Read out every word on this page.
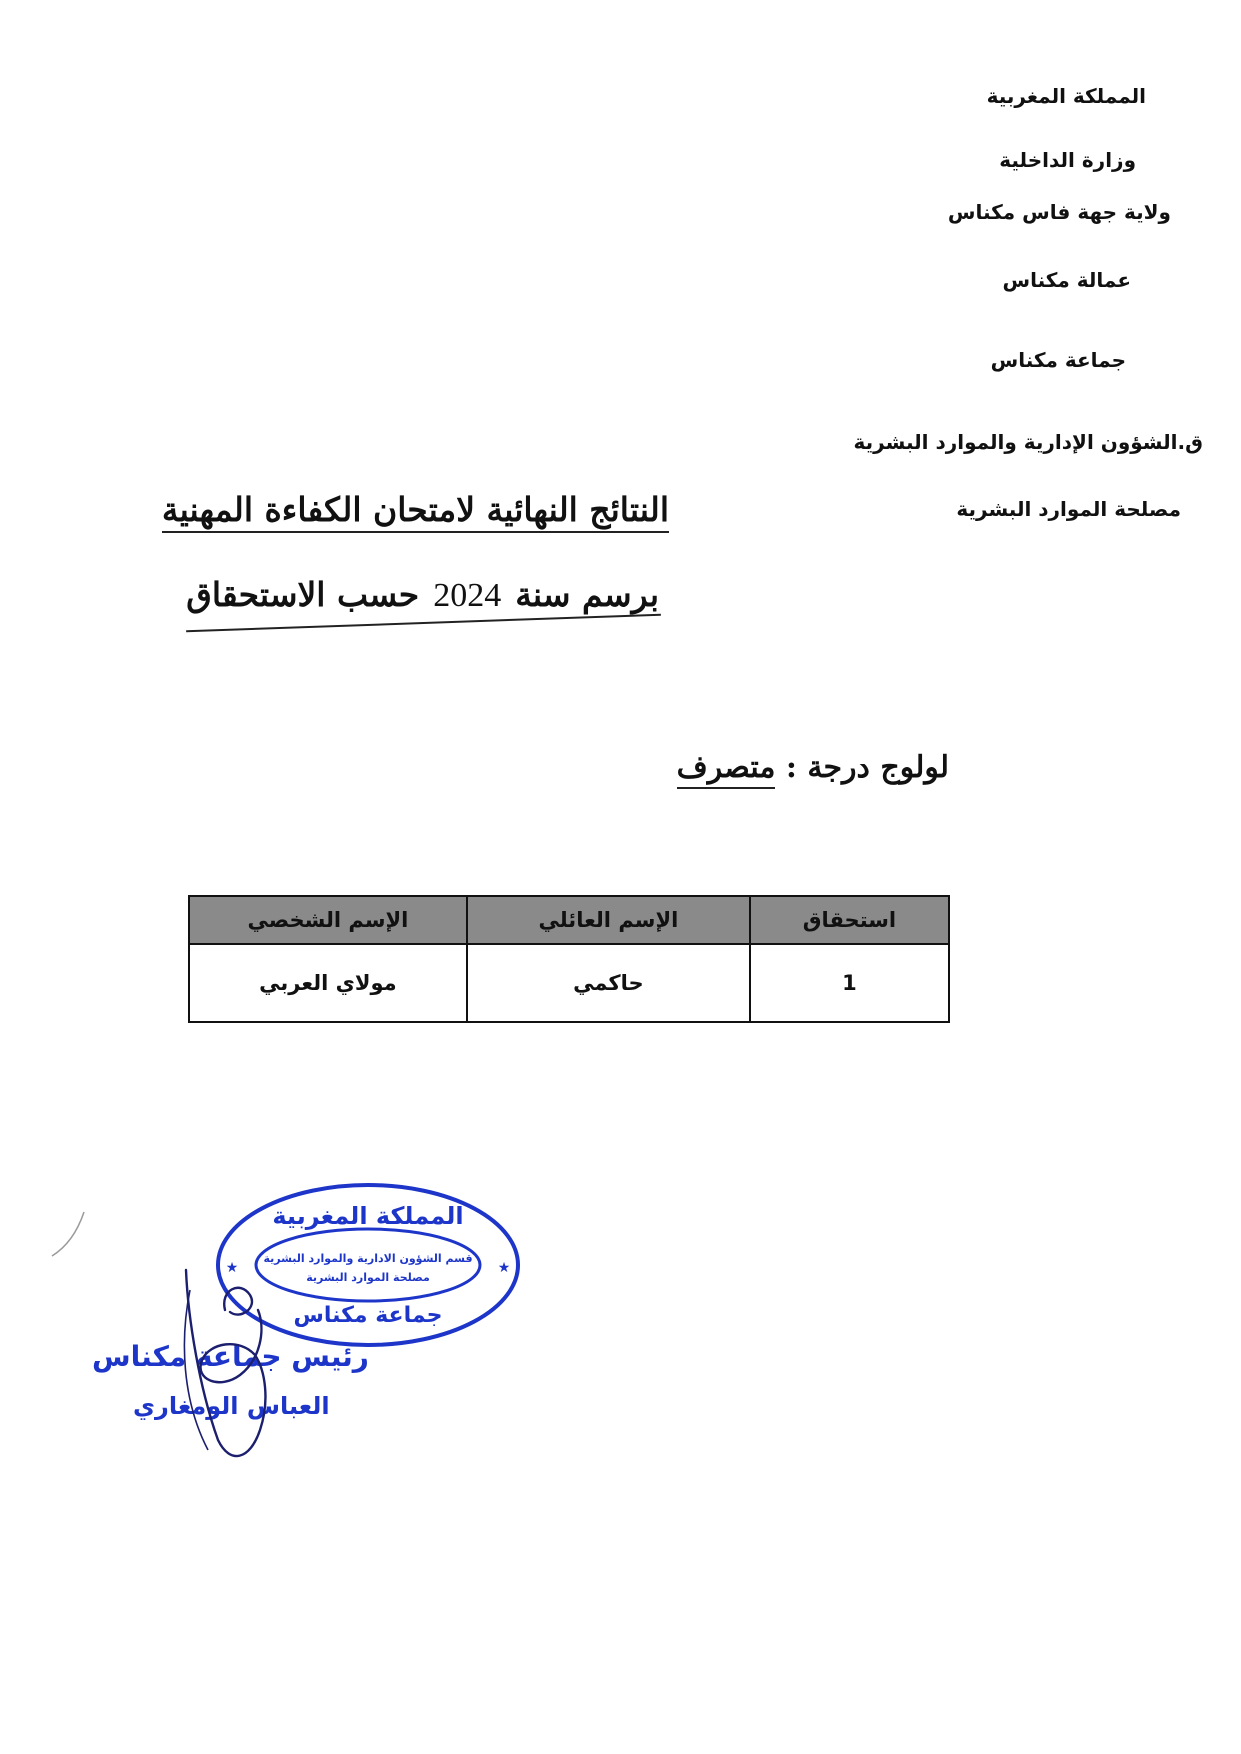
المملكة المغربية
وزارة الداخلية
ولاية جهة فاس مكناس
عمالة مكناس
جماعة مكناس
ق.الشؤون الإدارية والموارد البشرية
مصلحة الموارد البشرية
النتائج النهائية لامتحان الكفاءة المهنية
برسم سنة2024حسب الاستحقاق
لولوج درجة : متصرف
استحقاق	الإسم العائلي	الإسم الشخصي
1	حاكمي	مولاي العربي
المملكة المغربية
قسم الشؤون الادارية والموارد البشرية
مصلحة الموارد البشرية
جماعة مكناس
★	★
رئيس جماعة مكناس
العباس الومغاري
